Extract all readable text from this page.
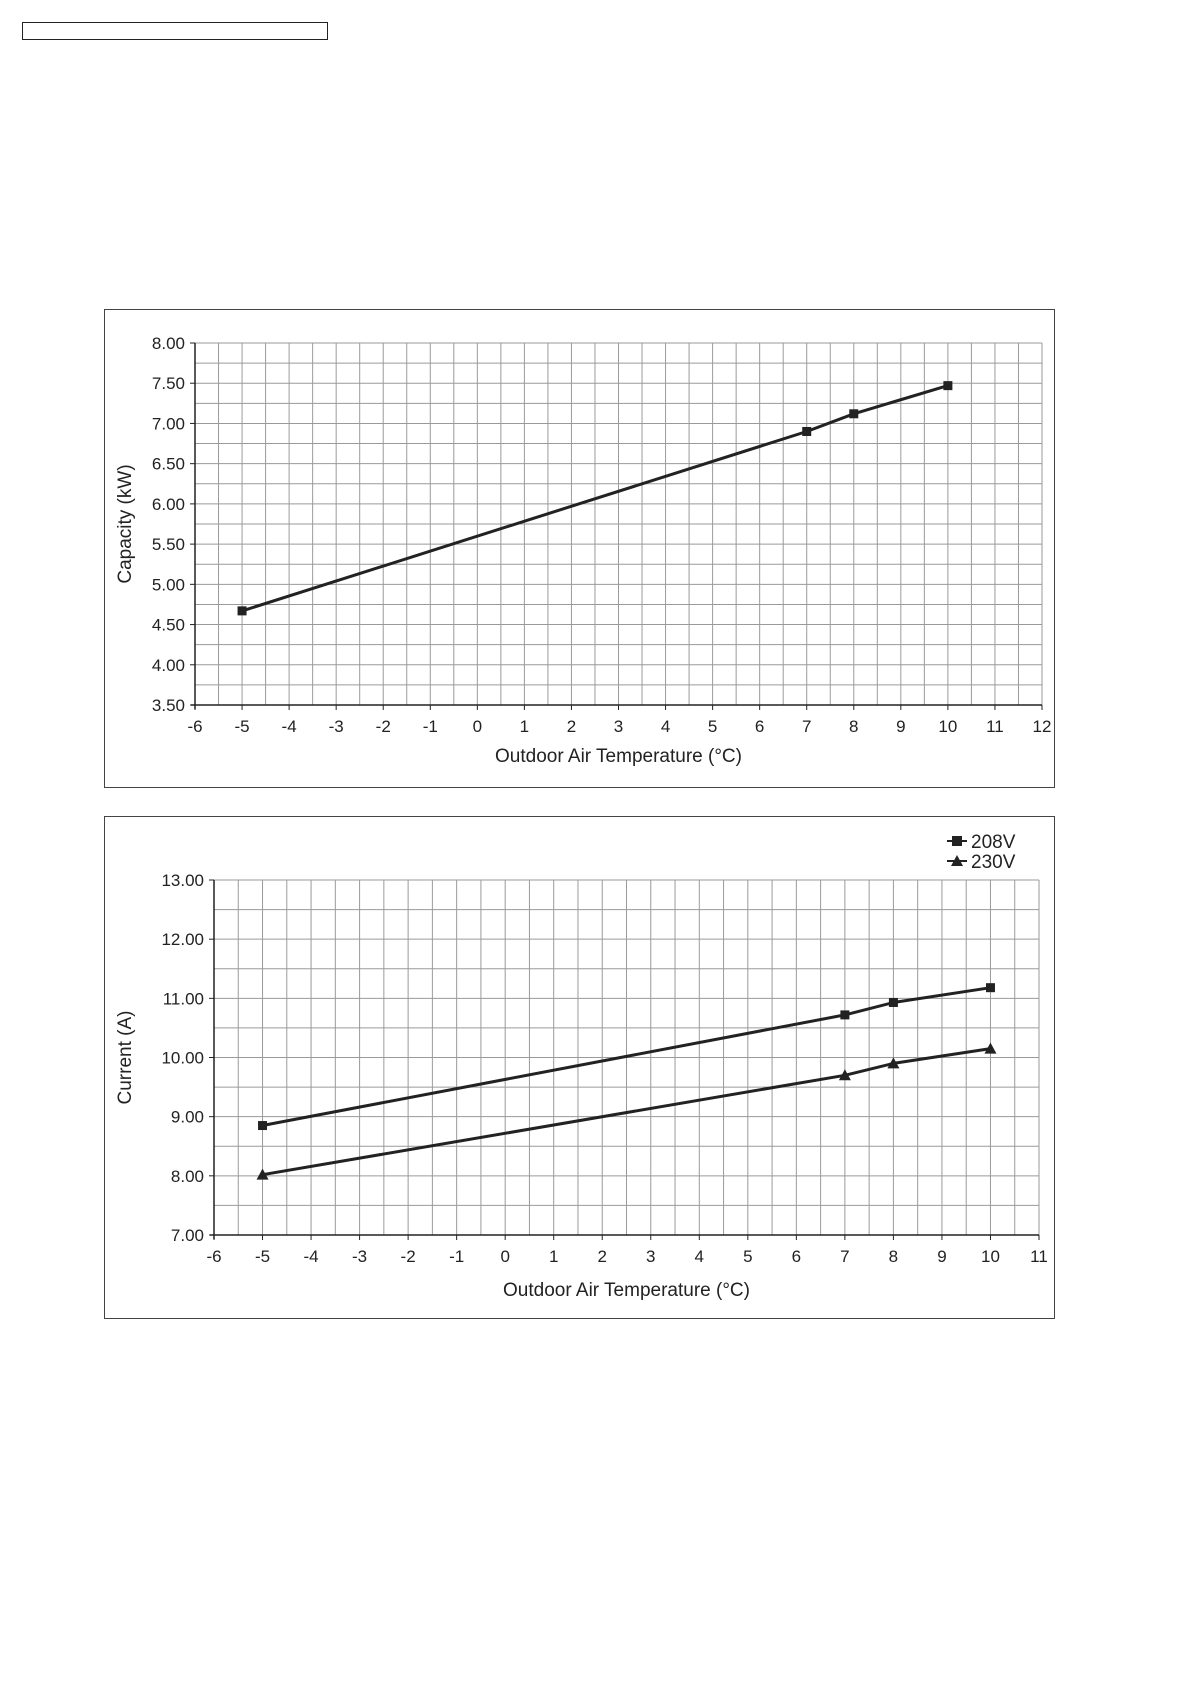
8.00
7.50
7.00
6.50
6.00
5.50
5.00
4.50
4.00
3.50
-6 -5 -4 -3 -2 -1 0 1 2 3 4 5 6 7 8 9 10 11 12
Outdoor Air Temperature (°C)
Capacity (kW)
13.00
12.00
11.00
10.00
9.00
8.00
7.00
-6 -5 -4 -3 -2 -1 0 1 2 3 4 5 6 7 8 9 10 11
Outdoor Air Temperature (°C)
Current (A)
208V
230V
